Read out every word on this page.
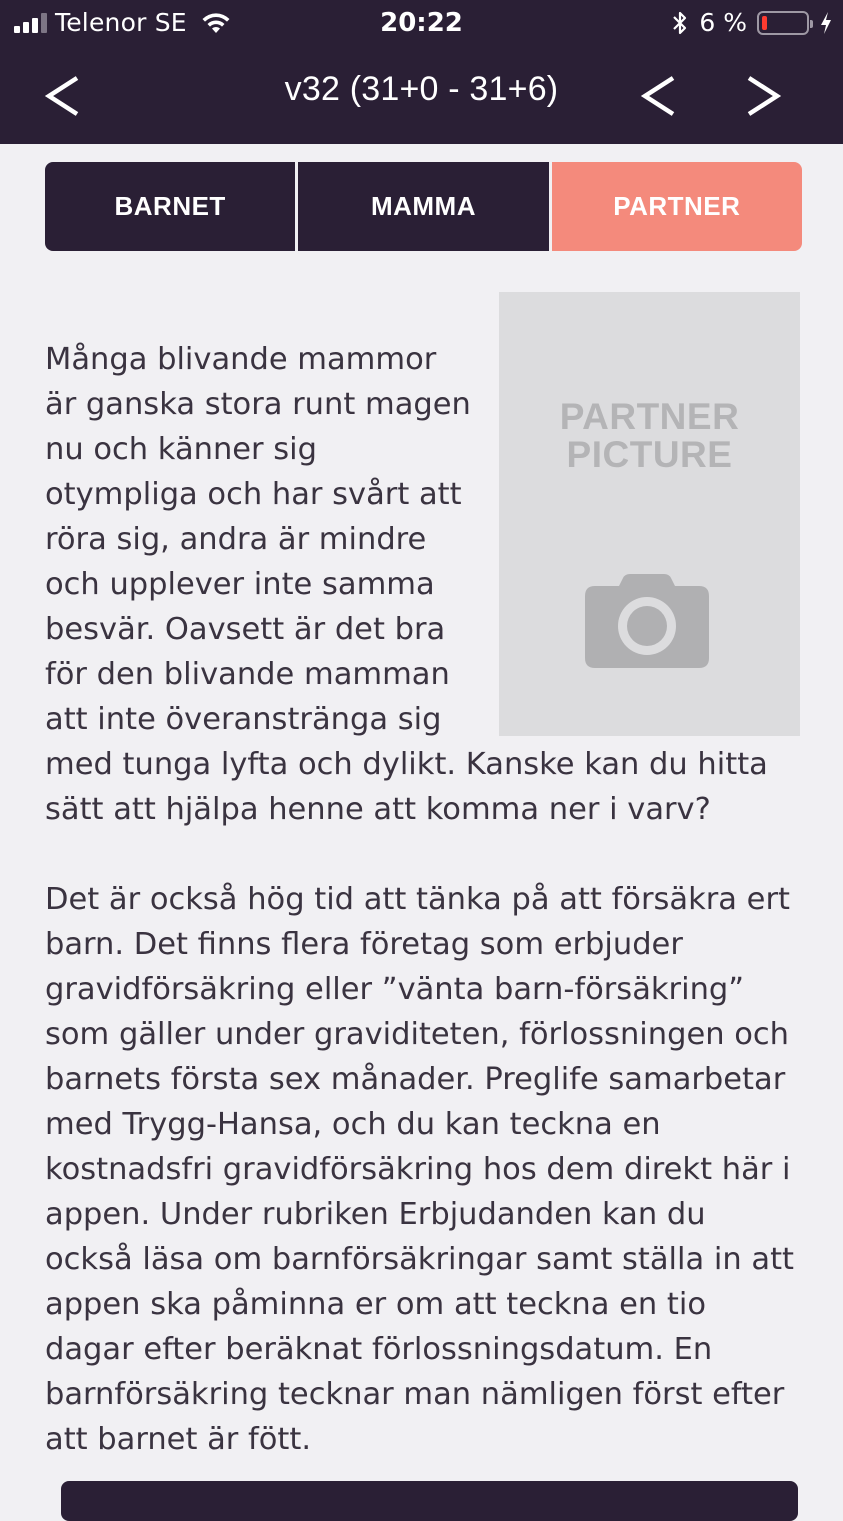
Telenor SE	20:22	6 %
v32 (31+0 - 31+6)
BARNET	MAMMA	PARTNER
PARTNER
PICTURE

Många blivande mammor är ganska stora runt magen nu och känner sig otympliga och har svårt att röra sig, andra är mindre och upplever inte samma besvär. Oavsett är det bra för den blivande mamman att inte överanstränga sig med tunga lyfta och dylikt. Kanske kan du hitta sätt att hjälpa henne att komma ner i varv?

Det är också hög tid att tänka på att försäkra ert barn. Det finns flera företag som erbjuder gravidförsäkring eller ”vänta barn-försäkring” som gäller under graviditeten, förlossningen och barnets första sex månader. Preglife samarbetar med Trygg-Hansa, och du kan teckna en kostnadsfri gravidförsäkring hos dem direkt här i appen. Under rubriken Erbjudanden kan du också läsa om barnförsäkringar samt ställa in att appen ska påminna er om att teckna en tio dagar efter beräknat förlossningsdatum. En barnförsäkring tecknar man nämligen först efter att barnet är fött.
